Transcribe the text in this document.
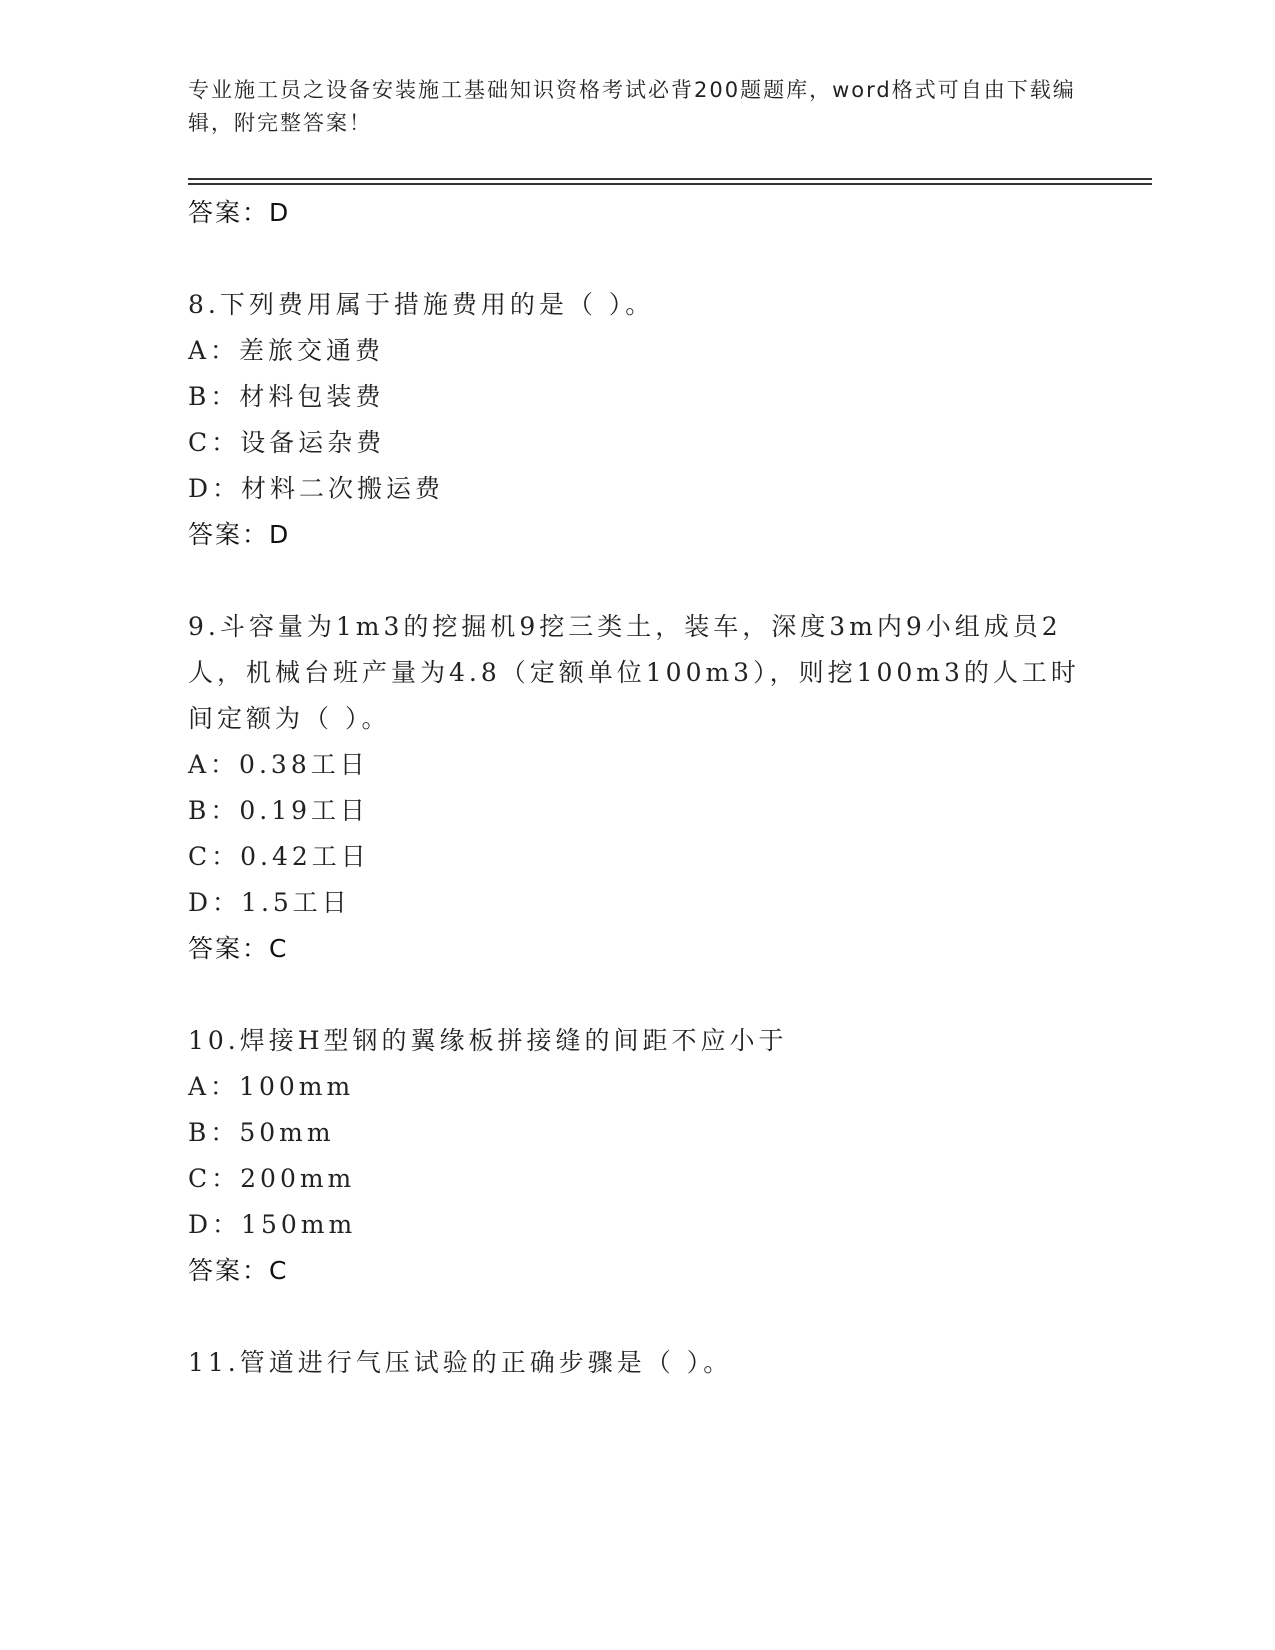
专业施工员之设备安装施工基础知识资格考试必背200题题库，word格式可自由下载编辑，附完整答案！
答案：D
8.下列费用属于措施费用的是（ ）。
A：差旅交通费
B：材料包装费
C：设备运杂费
D：材料二次搬运费
答案：D
9.斗容量为1m3的挖掘机9挖三类土，装车，深度3m内9小组成员2人，机械台班产量为4.8（定额单位100m3），则挖100m3的人工时间定额为（ ）。
A：0.38工日
B：0.19工日
C：0.42工日
D：1.5工日
答案：C
10.焊接H型钢的翼缘板拼接缝的间距不应小于
A：100mm
B：50mm
C：200mm
D：150mm
答案：C
11.管道进行气压试验的正确步骤是（ ）。
